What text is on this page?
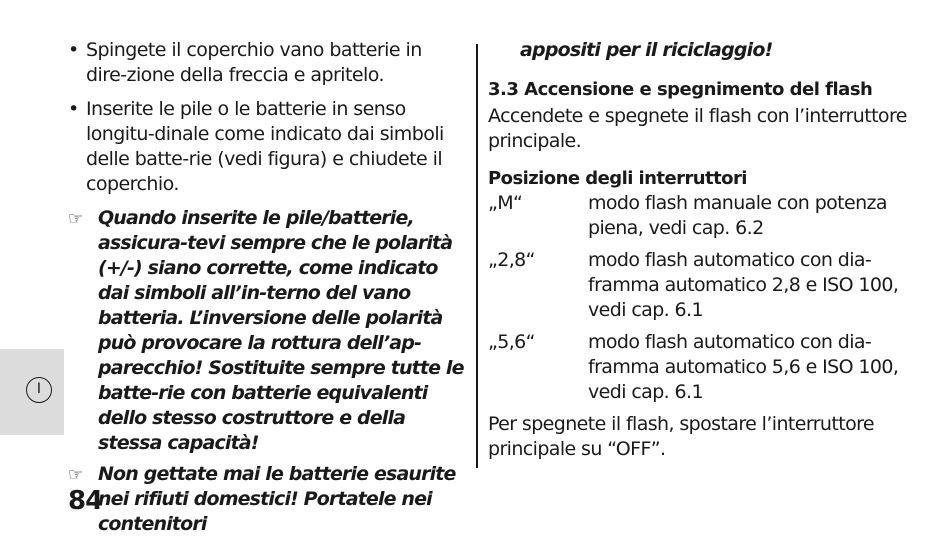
I
• Spingete il coperchio vano batterie in dire-zione della freccia e apritelo.
• Inserite le pile o le batterie in senso longitu-dinale come indicato dai simboli delle batte-rie (vedi figura) e chiudete il coperchio.
☞ Quando inserite le pile/batterie, assicura-tevi sempre che le polarità (+/-) siano corrette, come indicato dai simboli all’in-terno del vano batteria. L’inversione delle polarità può provocare la rottura dell’ap-parecchio! Sostituite sempre tutte le batte-rie con batterie equivalenti dello stesso costruttore e della stessa capacità!
☞ Non gettate mai le batterie esaurite nei rifiuti domestici! Portatele nei contenitori
appositi per il riciclaggio!
3.3 Accensione e spegnimento del flash
Accendete e spegnete il flash con l’interruttore principale.
Posizione degli interruttori
„M“	modo flash manuale con potenza piena, vedi cap. 6.2
„2,8“	modo flash automatico con dia-framma automatico 2,8 e ISO 100, vedi cap. 6.1
„5,6“	modo flash automatico con dia-framma automatico 5,6 e ISO 100, vedi cap. 6.1
Per spegnete il flash, spostare l’interruttore principale su “OFF”.
84
